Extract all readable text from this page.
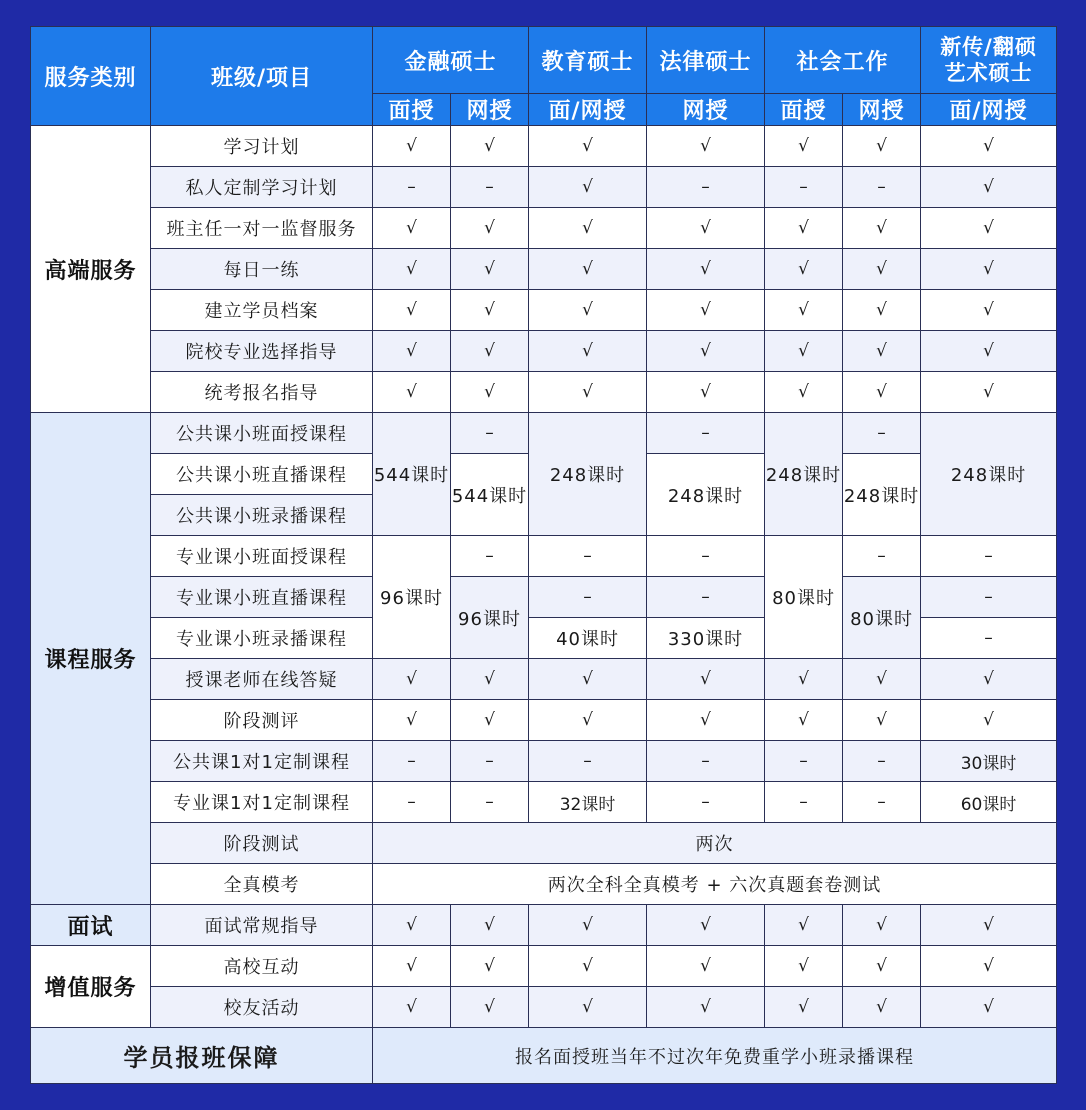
服务类别	班级/项目	金融硕士		教育硕士	法律硕士	社会工作		新传/翻硕
艺术硕士

		面授	网授	面/网授	网授	面授	网授	面/网授
高端服务	学习计划	√	√	√	√	√	√	√
	私人定制学习计划	–	–	√	–	–	–	√
	班主任一对一监督服务	√	√	√	√	√	√	√
	每日一练	√	√	√	√	√	√	√
	建立学员档案	√	√	√	√	√	√	√
	院校专业选择指导	√	√	√	√	√	√	√
	统考报名指导	√	√	√	√	√	√	√
课程服务	公共课小班面授课程	544课时	–	248课时	–	248课时	–	248课时
	公共课小班直播课程		544课时		248课时		248课时	
	公共课小班录播课程							
	专业课小班面授课程	96课时	–	–	–	80课时	–	–
	专业课小班直播课程		96课时	–	–		80课时	–
	专业课小班录播课程			40课时	330课时			–
	授课老师在线答疑	√	√	√	√	√	√	√
	阶段测评	√	√	√	√	√	√	√
	公共课1对1定制课程	–	–	–	–	–	–	30课时
	专业课1对1定制课程	–	–	32课时	–	–	–	60课时
	阶段测试	两次						
	全真模考	两次全科全真模考 + 六次真题套卷测试						
面试	面试常规指导	√	√	√	√	√	√	√
增值服务	高校互动	√	√	√	√	√	√	√
	校友活动	√	√	√	√	√	√	√
学员报班保障		报名面授班当年不过次年免费重学小班录播课程						
